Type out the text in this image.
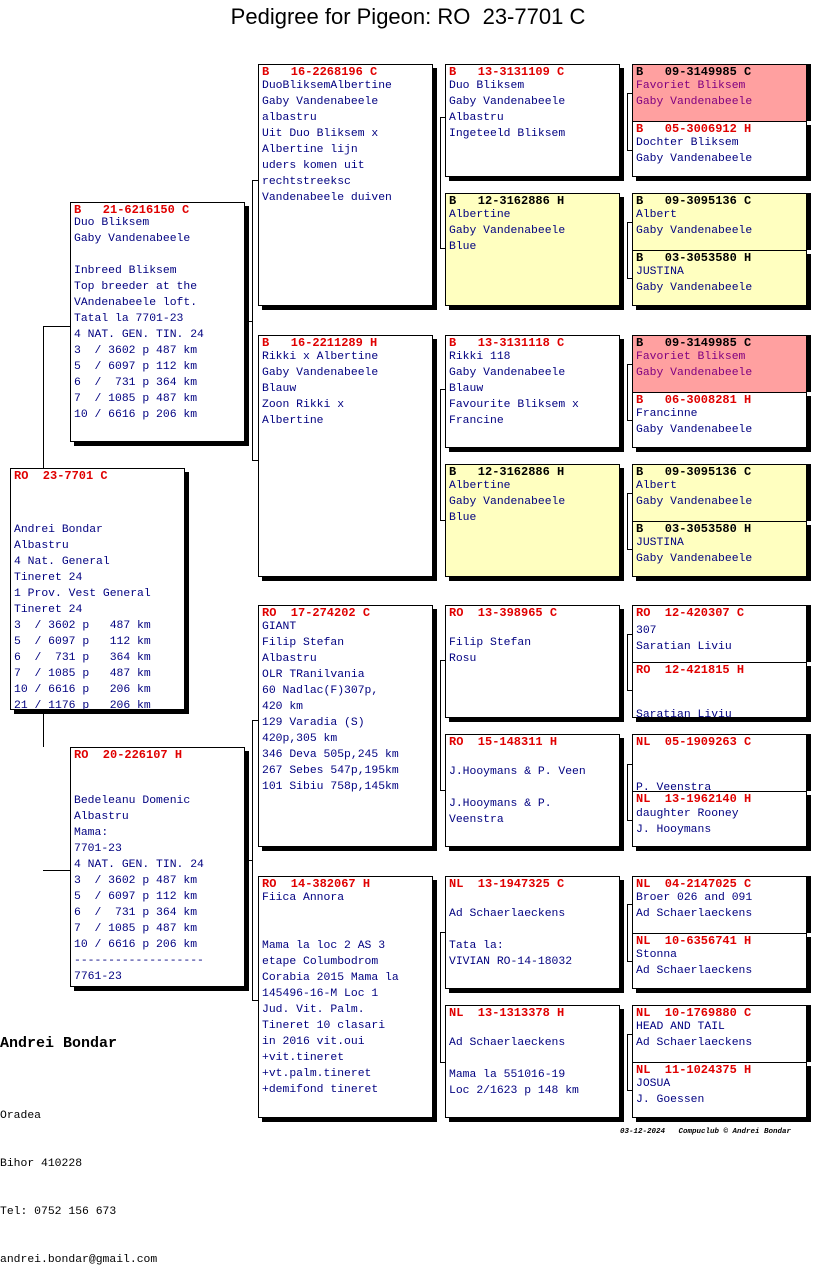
Pedigree for Pigeon: RO  23-7701 C
RO  23-7701 C
Andrei Bondar
Albastru
4 Nat. General
Tineret 24
1 Prov. Vest General
Tineret 24
3  / 3602 p   487 km
5  / 6097 p   112 km
6  /  731 p   364 km
7  / 1085 p   487 km
10 / 6616 p   206 km
21 / 1176 p   206 km
B   21-6216150 C
Duo Bliksem
Gaby Vandenabeele
Inbreed Bliksem
Top breeder at the
VAndenabeele loft.
Tatal la 7701-23
4 NAT. GEN. TIN. 24
3  / 3602 p 487 km
5  / 6097 p 112 km
6  /  731 p 364 km
7  / 1085 p 487 km
10 / 6616 p 206 km
RO  20-226107 H
Bedeleanu Domenic
Albastru
Mama:
7701-23
4 NAT. GEN. TIN. 24
3  / 3602 p 487 km
5  / 6097 p 112 km
6  /  731 p 364 km
7  / 1085 p 487 km
10 / 6616 p 206 km
-------------------
7761-23
B   16-2268196 C
DuoBliksemAlbertine
Gaby Vandenabeele
albastru
Uit Duo Bliksem x
Albertine lijn
uders komen uit
rechtstreeksc
Vandenabeele duiven
B   16-2211289 H
Rikki x Albertine
Gaby Vandenabeele
Blauw
Zoon Rikki x
Albertine
RO  17-274202 C
GIANT
Filip Stefan
Albastru
OLR TRanilvania
60 Nadlac(F)307p,
420 km
129 Varadia (S)
420p,305 km
346 Deva 505p,245 km
267 Sebes 547p,195km
101 Sibiu 758p,145km
RO  14-382067 H
Fiica Annora
Mama la loc 2 AS 3
etape Columbodrom
Corabia 2015 Mama la
145496-16-M Loc 1
Jud. Vit. Palm.
Tineret 10 clasari
in 2016 vit.oui
+vit.tineret
+vt.palm.tineret
+demifond tineret
B   13-3131109 C
Duo Bliksem
Gaby Vandenabeele
Albastru
Ingeteeld Bliksem
B   12-3162886 H
Albertine
Gaby Vandenabeele
Blue
B   13-3131118 C
Rikki 118
Gaby Vandenabeele
Blauw
Favourite Bliksem x
Francine
B   12-3162886 H
Albertine
Gaby Vandenabeele
Blue
RO  13-398965 C
Filip Stefan
Rosu
RO  15-148311 H
J.Hooymans & P. Veen
J.Hooymans & P.
Veenstra
NL  13-1947325 C
Ad Schaerlaeckens
Tata la:
VIVIAN RO-14-18032
NL  13-1313378 H
Ad Schaerlaeckens
Mama la 551016-19
Loc 2/1623 p 148 km
B   09-3149985 C
Favoriet Bliksem
Gaby Vandenabeele
B   05-3006912 H
Dochter Bliksem
Gaby Vandenabeele
B   09-3095136 C
Albert
Gaby Vandenabeele
B   03-3053580 H
JUSTINA
Gaby Vandenabeele
B   09-3149985 C
Favoriet Bliksem
Gaby Vandenabeele
B   06-3008281 H
Francinne
Gaby Vandenabeele
B   09-3095136 C
Albert
Gaby Vandenabeele
B   03-3053580 H
JUSTINA
Gaby Vandenabeele
RO  12-420307 C
307
Saratian Liviu
RO  12-421815 H
Saratian Liviu
NL  05-1909263 C
P. Veenstra
NL  13-1962140 H
daughter Rooney
J. Hooymans
NL  04-2147025 C
Broer 026 and 091
Ad Schaerlaeckens
NL  10-6356741 H
Stonna
Ad Schaerlaeckens
NL  10-1769880 C
HEAD AND TAIL
Ad Schaerlaeckens
NL  11-1024375 H
JOSUA
J. Goessen
Andrei Bondar

Oradea

Bihor 410228

Tel: 0752 156 673

andrei.bondar@gmail.com

03-12-2024   Compuclub © Andrei Bondar
